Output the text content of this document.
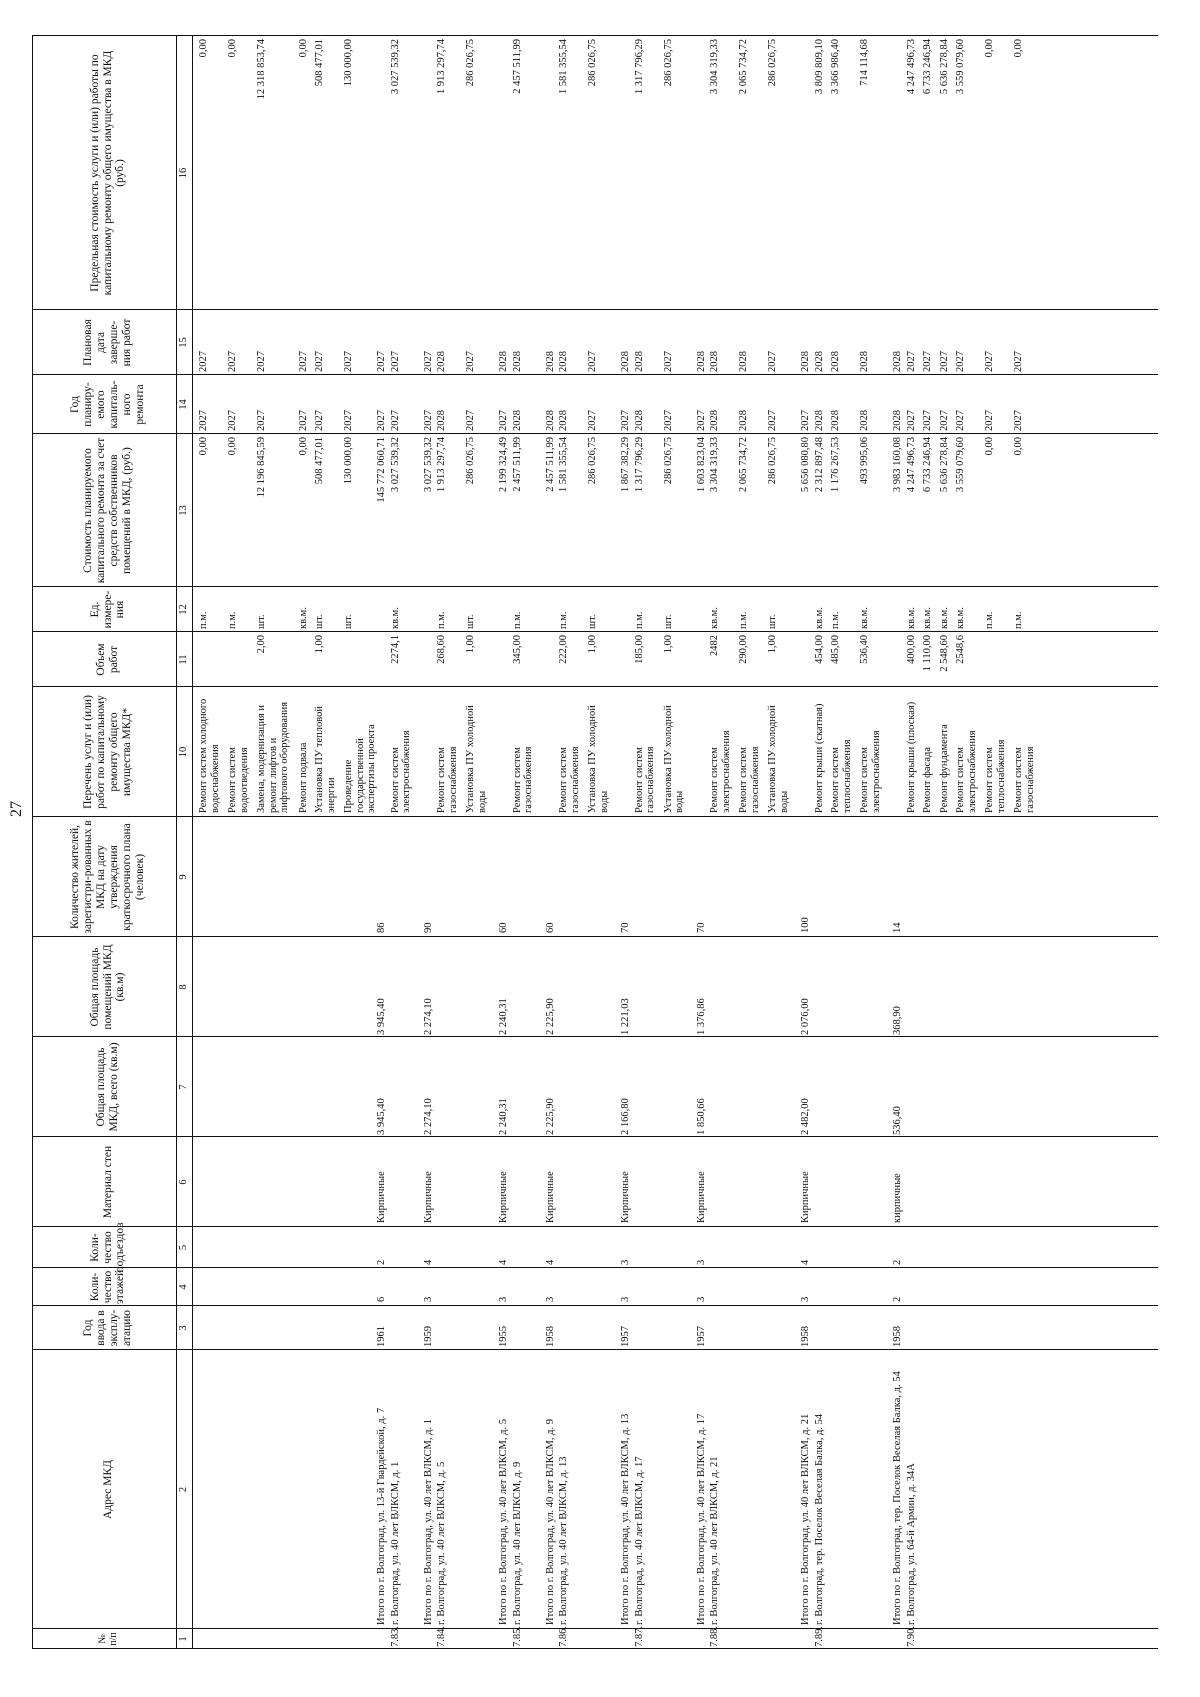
27
№ п/п
Адрес МКД
Год ввода в эксплу-атацию
Коли-чество этажей
Коли-чество подъездов
Материал стен
Общая площадь МКД, всего (кв.м)
Общая площадь помещений МКД (кв.м)
Количество жителей, зарегистри-рованных в МКД на дату утверждения краткосрочного плана (человек)
Перечень услуг и (или) работ по капитальному ремонту общего имущества МКД*
Объем работ
Ед. измере-ния
Стоимость планируемого капитального ремонта за счет средств собственников помещений в МКД, (руб.)
Год планиру-емого капиталь-ного ремонта
Плановая дата заверше-ния работ
Предельная стоимость услуги и (или) работы по капитальному ремонту общего имущества в МКД (руб.)
1
2
3
4
5
6
7
8
9
10
11
12
13
14
15
16
Ремонт систем холодного водоснабжения
п.м.
0,00
2027
2027
0,00
Ремонт систем водоотведения
п.м.
0,00
2027
2027
0,00
Замена, модернизация и ремонт лифтов и лифтового оборудования
2,00
шт.
12 196 845,59
2027
2027
12 318 853,74
Ремонт подвала
кв.м.
0,00
2027
2027
0,00
Установка ПУ тепловой энергии
1,00
шт.
508 477,01
2027
2027
508 477,01
Проведение государственной экспертизы проекта
шт.
130 000,00
2027
2027
130 000,00
Итого по г. Волгоград, ул. 13-й Гвардейской, д. 7
1961
6
2
Кирпичные
3 945,40
3 945,40
86
145 772 060,71
2027
2027
7.83.
г. Волгоград, ул. 40 лет ВЛКСМ, д. 1
Ремонт систем электроснабжения
2274,1
кв.м.
3 027 539,32
2027
2027
3 027 539,32
Итого по г. Волгоград, ул. 40 лет ВЛКСМ, д. 1
1959
3
4
Кирпичные
2 274,10
2 274,10
90
3 027 539,32
2027
2027
7.84.
г. Волгоград, ул. 40 лет ВЛКСМ, д. 5
Ремонт систем газоснабжения
268,60
п.м.
1 913 297,74
2028
2028
1 913 297,74
Установка ПУ холодной воды
1,00
шт.
286 026,75
2027
2027
286 026,75
Итого по г. Волгоград, ул. 40 лет ВЛКСМ, д. 5
1955
3
4
Кирпичные
2 240,31
2 240,31
60
2 199 324,49
2027
2028
7.85.
г. Волгоград, ул. 40 лет ВЛКСМ, д. 9
Ремонт систем газоснабжения
345,00
п.м.
2 457 511,99
2028
2028
2 457 511,99
Итого по г. Волгоград, ул. 40 лет ВЛКСМ, д. 9
1958
3
4
Кирпичные
2 225,90
2 225,90
60
2 457 511,99
2028
2028
7.86.
г. Волгоград, ул. 40 лет ВЛКСМ, д. 13
Ремонт систем газоснабжения
222,00
п.м.
1 581 355,54
2028
2028
1 581 355,54
Установка ПУ холодной воды
1,00
шт.
286 026,75
2027
2027
286 026,75
Итого по г. Волгоград, ул. 40 лет ВЛКСМ, д. 13
1957
3
3
Кирпичные
2 166,80
1 221,03
70
1 867 382,29
2027
2028
7.87.
г. Волгоград, ул. 40 лет ВЛКСМ, д. 17
Ремонт систем газоснабжения
185,00
п.м.
1 317 796,29
2028
2028
1 317 796,29
Установка ПУ холодной воды
1,00
шт.
286 026,75
2027
2027
286 026,75
Итого по г. Волгоград, ул. 40 лет ВЛКСМ, д. 17
1957
3
3
Кирпичные
1 850,66
1 376,86
70
1 603 823,04
2027
2028
7.88.
г. Волгоград, ул. 40 лет ВЛКСМ, д. 21
Ремонт систем электроснабжения
2482
кв.м.
3 304 319,33
2028
2028
3 304 319,33
Ремонт систем газоснабжения
290,00
п.м.
2 065 734,72
2028
2028
2 065 734,72
Установка ПУ холодной воды
1,00
шт.
286 026,75
2027
2027
286 026,75
Итого по г. Волгоград, ул. 40 лет ВЛКСМ, д. 21
1958
3
4
Кирпичные
2 482,00
2 076,00
100
5 656 080,80
2027
2028
7.89.
г. Волгоград, тер. Поселок Веселая Балка, д. 54
Ремонт крыши (скатная)
454,00
кв.м.
2 312 897,48
2028
2028
3 809 809,10
Ремонт систем теплоснабжения
485,00
п.м.
1 176 267,53
2028
2028
3 366 986,40
Ремонт систем электроснабжения
536,40
кв.м.
493 995,06
2028
2028
714 114,68
Итого по г. Волгоград, тер. Поселок Веселая Балка, д. 54
1958
2
2
кирпичные
536,40
368,90
14
3 983 160,08
2028
2028
7.90.
г. Волгоград, ул. 64-й Армии, д. 34А
Ремонт крыши (плоская)
400,00
кв.м.
4 247 496,73
2027
2027
4 247 496,73
Ремонт фасада
1 110,00
кв.м.
6 733 246,94
2027
2027
6 733 246,94
Ремонт фундамента
2 548,60
кв.м.
5 636 278,84
2027
2027
5 636 278,84
Ремонт систем электроснабжения
2548,6
кв.м.
3 559 079,60
2027
2027
3 559 079,60
Ремонт систем теплоснабжения
п.м.
0,00
2027
2027
0,00
Ремонт систем газоснабжения
п.м.
0,00
2027
2027
0,00
